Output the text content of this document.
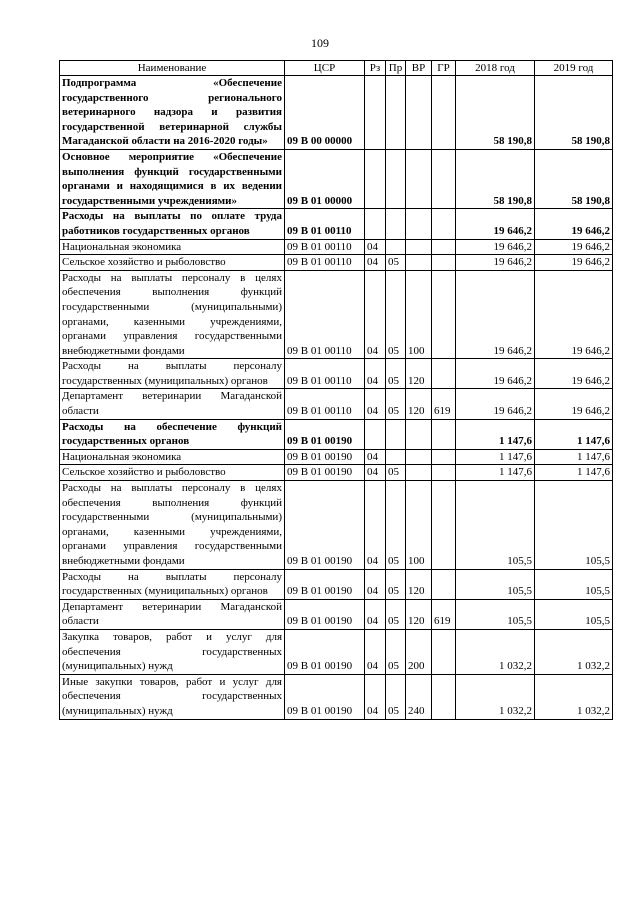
109
Наименование	ЦСР	Рз	Пр	ВР	ГР	2018 год	2019 год
Подпрограмма «Обеспечение государственного регионального ветеринарного надзора и развития государственной ветеринарной службы Магаданской области на 2016-2020 годы»	09 В 00 00000					58 190,8	58 190,8
Основное мероприятие «Обеспечение выполнения функций государственными органами и находящимися в их ведении государственными учреждениями»	09 В 01 00000					58 190,8	58 190,8
Расходы на выплаты по оплате труда работников государственных органов	09 В 01 00110					19 646,2	19 646,2
Национальная экономика	09 В 01 00110	04				19 646,2	19 646,2
Сельское хозяйство и рыболовство	09 В 01 00110	04	05			19 646,2	19 646,2
Расходы на выплаты персоналу в целях обеспечения выполнения функций государственными (муниципальными) органами, казенными учреждениями, органами управления государственными внебюджетными фондами	09 В 01 00110	04	05	100		19 646,2	19 646,2
Расходы на выплаты персоналу государственных (муниципальных) органов	09 В 01 00110	04	05	120		19 646,2	19 646,2
Департамент ветеринарии Магаданской области	09 В 01 00110	04	05	120	619	19 646,2	19 646,2
Расходы на обеспечение функций государственных органов	09 В 01 00190					1 147,6	1 147,6
Национальная экономика	09 В 01 00190	04				1 147,6	1 147,6
Сельское хозяйство и рыболовство	09 В 01 00190	04	05			1 147,6	1 147,6
Расходы на выплаты персоналу в целях обеспечения выполнения функций государственными (муниципальными) органами, казенными учреждениями, органами управления государственными внебюджетными фондами	09 В 01 00190	04	05	100		105,5	105,5
Расходы на выплаты персоналу государственных (муниципальных) органов	09 В 01 00190	04	05	120		105,5	105,5
Департамент ветеринарии Магаданской области	09 В 01 00190	04	05	120	619	105,5	105,5
Закупка товаров, работ и услуг для обеспечения государственных (муниципальных) нужд	09 В 01 00190	04	05	200		1 032,2	1 032,2
Иные закупки товаров, работ и услуг для обеспечения государственных (муниципальных) нужд	09 В 01 00190	04	05	240		1 032,2	1 032,2
